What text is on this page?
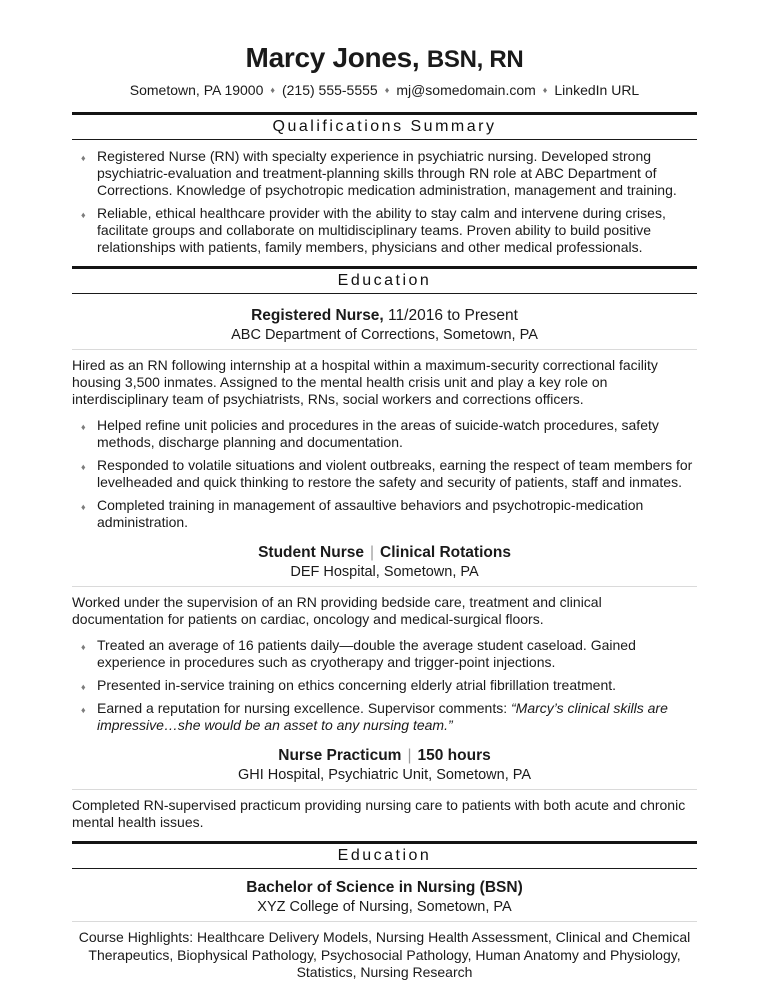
Marcy Jones, BSN, RN
Sometown, PA 19000 ♦ (215) 555-5555 ♦ mj@somedomain.com ♦ LinkedIn URL
Qualifications Summary
♦ Registered Nurse (RN) with specialty experience in psychiatric nursing. Developed strong psychiatric-evaluation and treatment-planning skills through RN role at ABC Department of Corrections. Knowledge of psychotropic medication administration, management and training.
♦ Reliable, ethical healthcare provider with the ability to stay calm and intervene during crises, facilitate groups and collaborate on multidisciplinary teams. Proven ability to build positive relationships with patients, family members, physicians and other medical professionals.
Education
Registered Nurse, 11/2016 to Present
ABC Department of Corrections, Sometown, PA

Hired as an RN following internship at a hospital within a maximum-security correctional facility housing 3,500 inmates. Assigned to the mental health crisis unit and play a key role on interdisciplinary team of psychiatrists, RNs, social workers and corrections officers.

♦ Helped refine unit policies and procedures in the areas of suicide-watch procedures, safety methods, discharge planning and documentation.
♦ Responded to volatile situations and violent outbreaks, earning the respect of team members for levelheaded and quick thinking to restore the safety and security of patients, staff and inmates.
♦ Completed training in management of assaultive behaviors and psychotropic-medication administration.
Student Nurse | Clinical Rotations
DEF Hospital, Sometown, PA

Worked under the supervision of an RN providing bedside care, treatment and clinical documentation for patients on cardiac, oncology and medical-surgical floors.

♦ Treated an average of 16 patients daily—double the average student caseload. Gained experience in procedures such as cryotherapy and trigger-point injections.
♦ Presented in-service training on ethics concerning elderly atrial fibrillation treatment.
♦ Earned a reputation for nursing excellence. Supervisor comments: “Marcy’s clinical skills are impressive…she would be an asset to any nursing team.”
Nurse Practicum | 150 hours
GHI Hospital, Psychiatric Unit, Sometown, PA

Completed RN-supervised practicum providing nursing care to patients with both acute and chronic mental health issues.

Education
Bachelor of Science in Nursing (BSN)
XYZ College of Nursing, Sometown, PA

Course Highlights: Healthcare Delivery Models, Nursing Health Assessment, Clinical and Chemical Therapeutics, Biophysical Pathology, Psychosocial Pathology, Human Anatomy and Physiology, Statistics, Nursing Research
